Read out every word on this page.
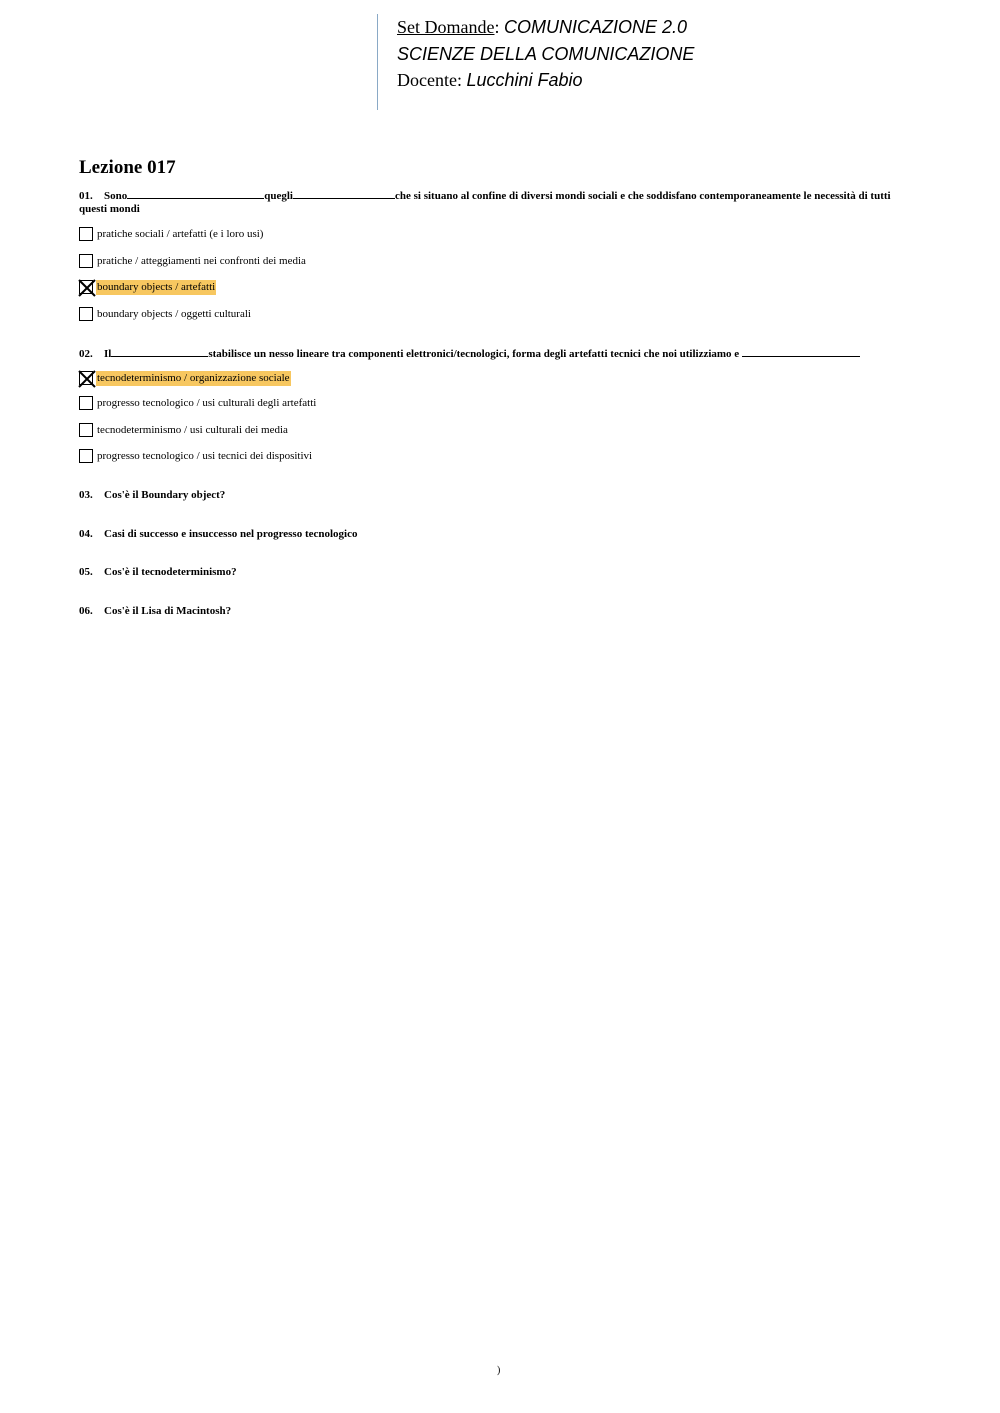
Set Domande: COMUNICAZIONE 2.0
SCIENZE DELLA COMUNICAZIONE
Docente: Lucchini Fabio
Lezione 017
01. Sono	quegli	che si situano al confine di diversi mondi sociali e che soddisfano contemporaneamente le necessità di tutti questi mondi
pratiche sociali / artefatti (e i loro usi)
pratiche / atteggiamenti nei confronti dei media
boundary objects / artefatti
boundary objects / oggetti culturali
02. Il	stabilisce un nesso lineare tra componenti elettronici/tecnologici, forma degli artefatti tecnici che noi utilizziamo e
tecnodeterminismo / organizzazione sociale
progresso tecnologico / usi culturali degli artefatti
tecnodeterminismo / usi culturali dei media
progresso tecnologico / usi tecnici dei dispositivi
03. Cos'è il Boundary object?
04. Casi di successo e insuccesso nel progresso tecnologico
05. Cos'è il tecnodeterminismo?
06. Cos'è il Lisa di Macintosh?
)
